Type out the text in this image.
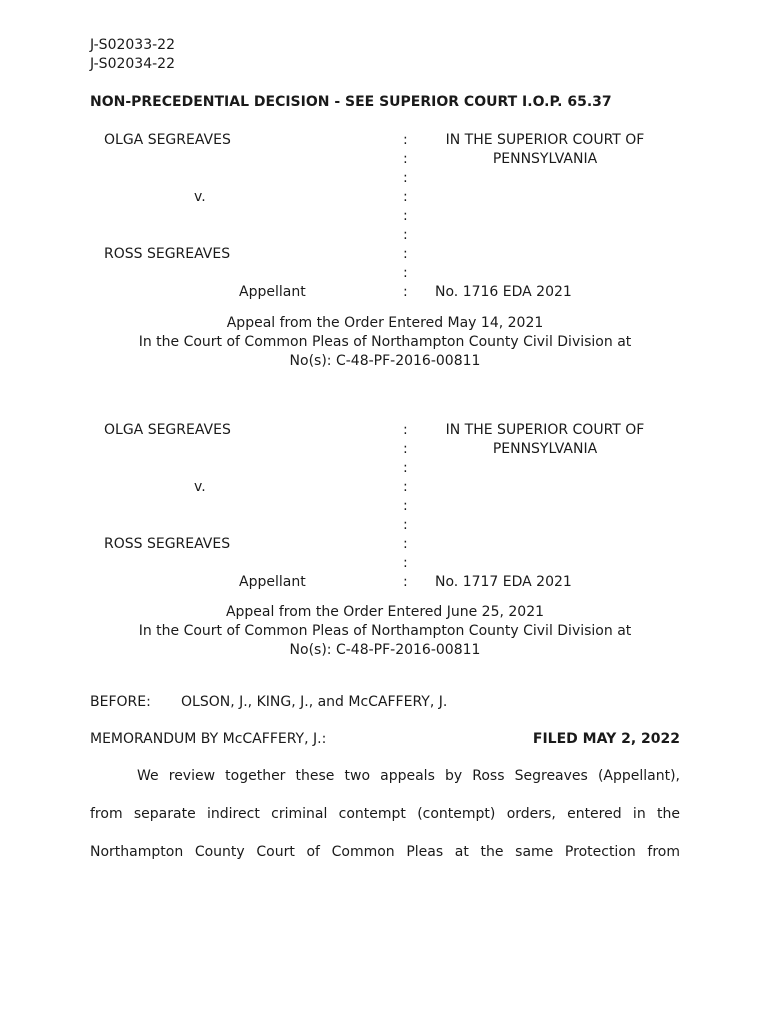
J-S02033-22
J-S02034-22
NON-PRECEDENTIAL DECISION - SEE SUPERIOR COURT I.O.P. 65.37
OLGA SEGREAVES
v.
ROSS SEGREAVES
Appellant
:
:
:
:
:
:
:
:
:
IN THE SUPERIOR COURT OF
PENNSYLVANIA
No. 1716 EDA 2021
Appeal from the Order Entered May 14, 2021
In the Court of Common Pleas of Northampton County Civil Division at
No(s): C-48-PF-2016-00811
OLGA SEGREAVES
v.
ROSS SEGREAVES
Appellant
:
:
:
:
:
:
:
:
:
IN THE SUPERIOR COURT OF
PENNSYLVANIA
No. 1717 EDA 2021
Appeal from the Order Entered June 25, 2021
In the Court of Common Pleas of Northampton County Civil Division at
No(s): C-48-PF-2016-00811
BEFORE: OLSON, J., KING, J., and McCAFFERY, J.
MEMORANDUM BY McCAFFERY, J.:	FILED MAY 2, 2022
We review together these two appeals by Ross Segreaves (Appellant),
from separate indirect criminal contempt (contempt) orders, entered in the
Northampton County Court of Common Pleas at the same Protection from
